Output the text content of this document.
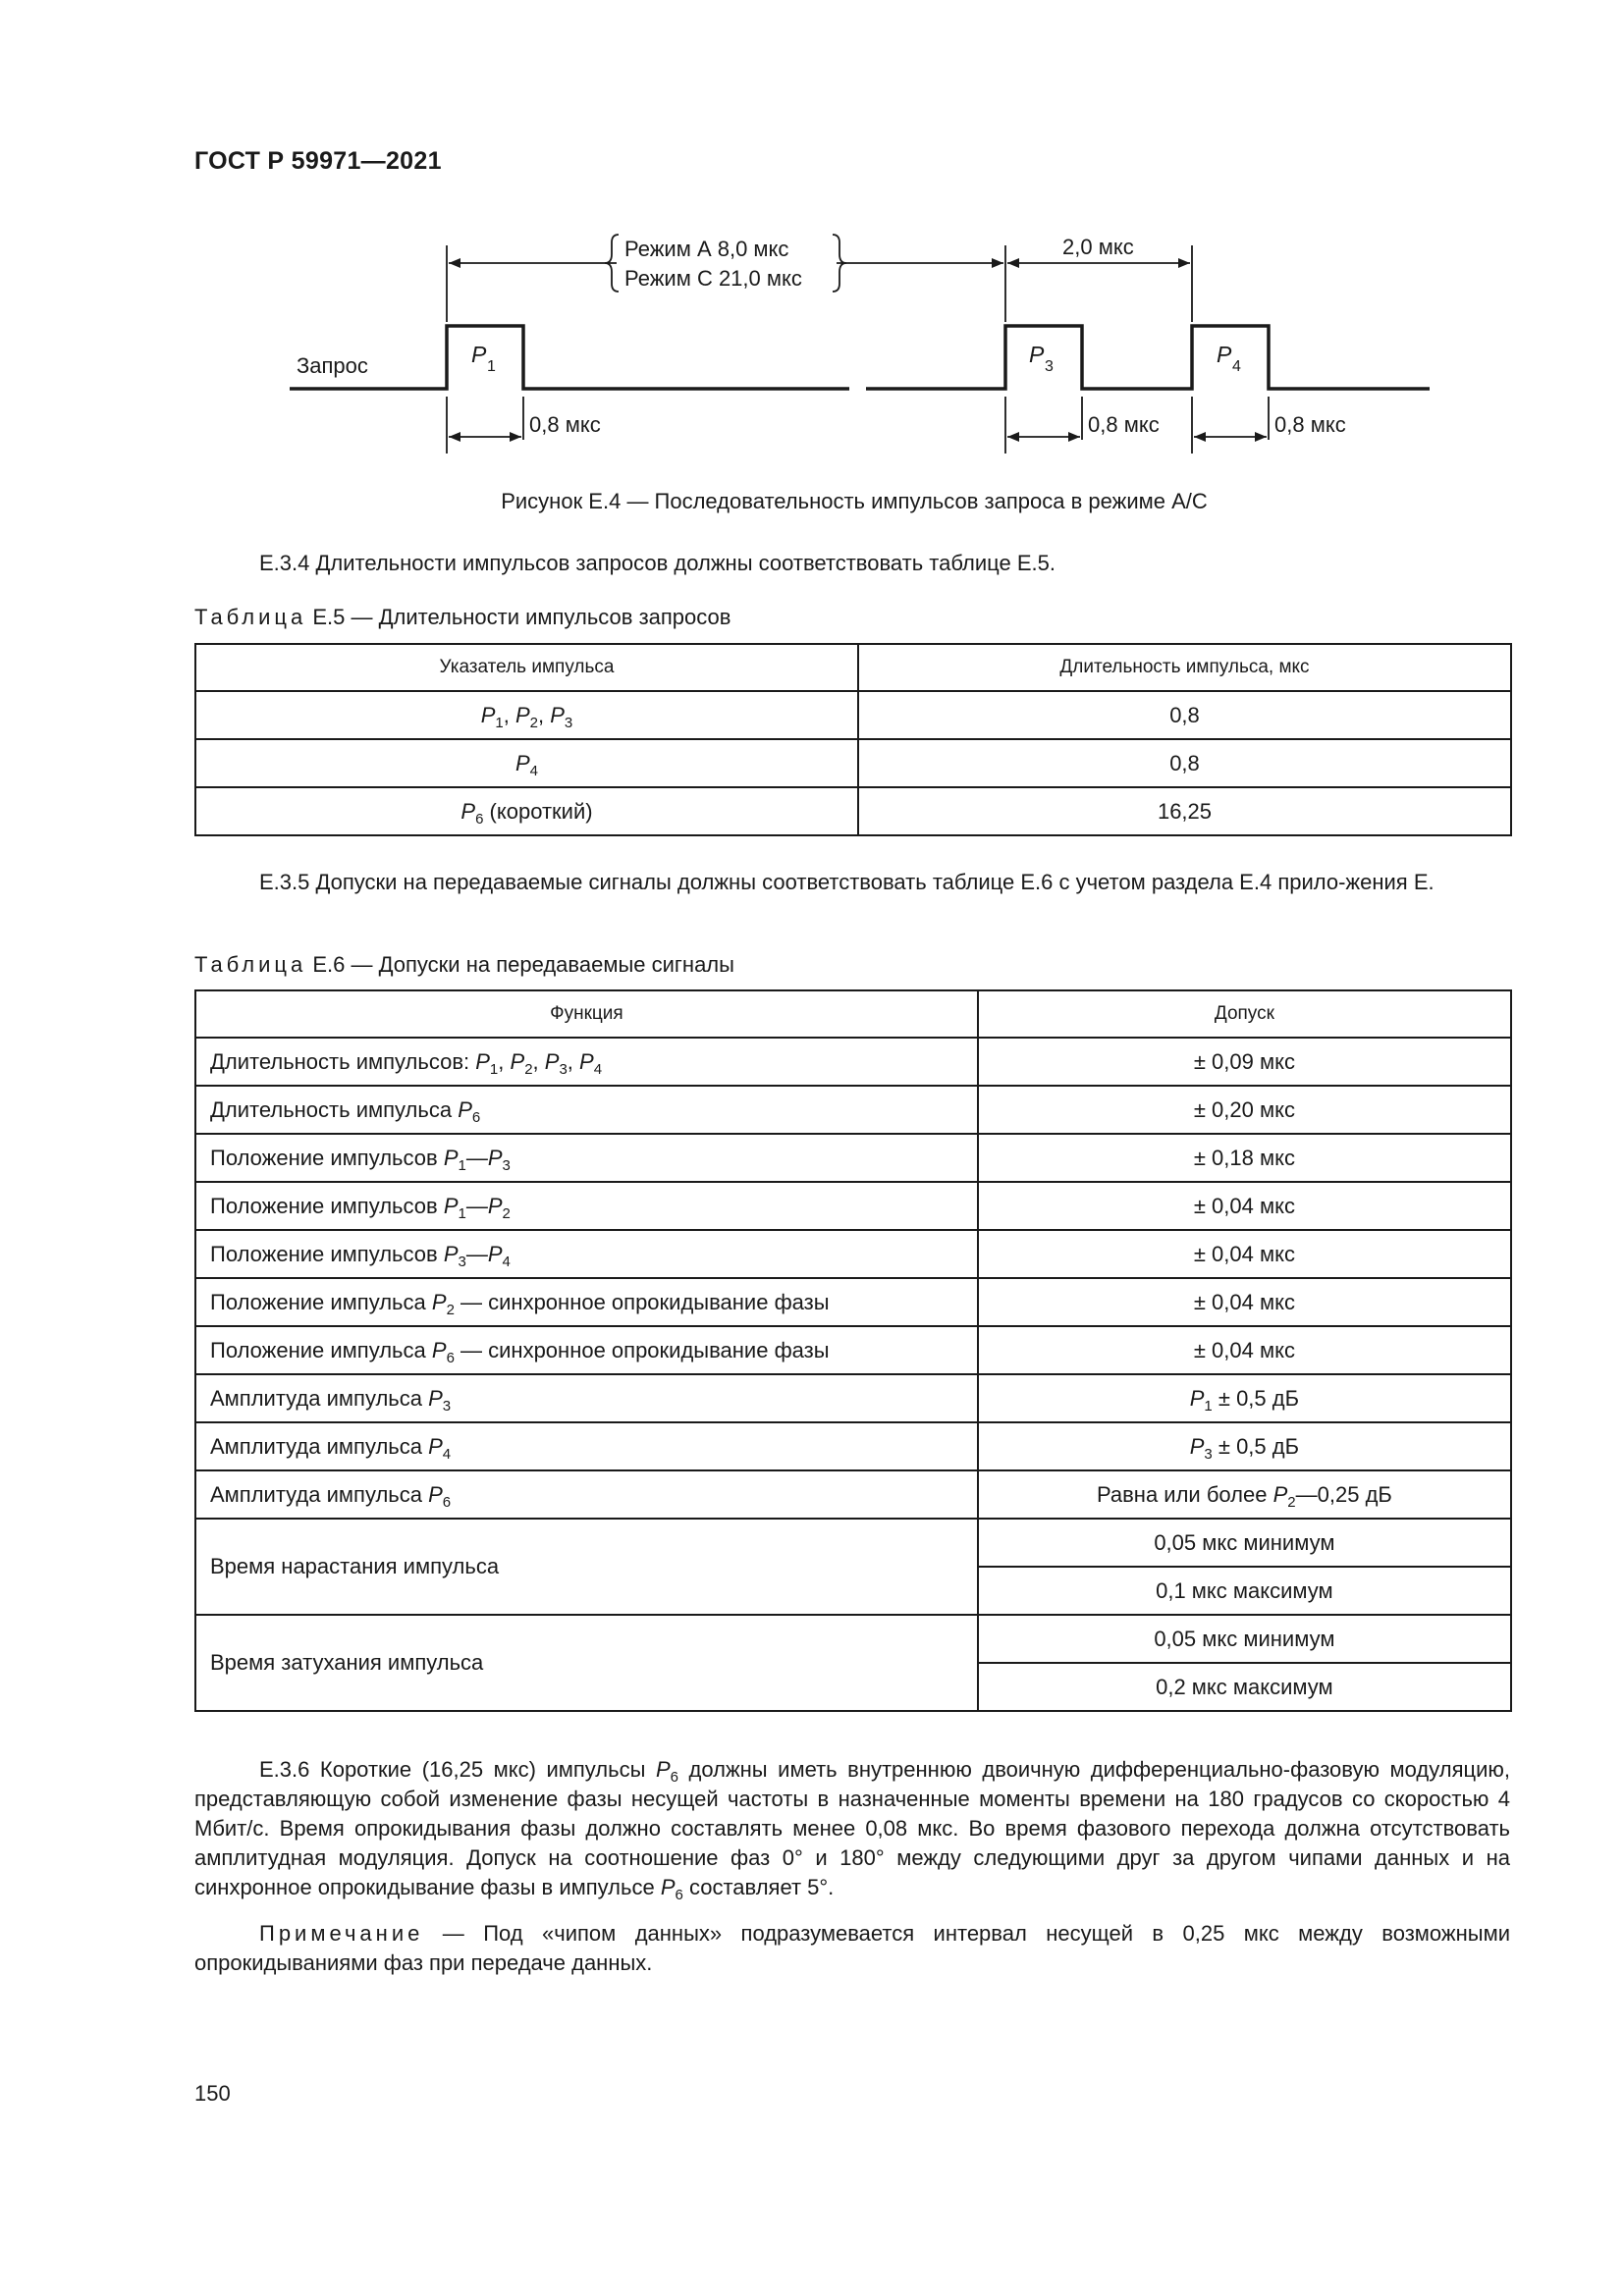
ГОСТ Р 59971—2021
Режим А 8,0 мкс
Режим С 21,0 мкс
2,0 мкс
Запрос	P 1	P 3	P 4
0,8 мкс	0,8 мкс	0,8 мкс
Рисунок Е.4 — Последовательность импульсов запроса в режиме А/С
Е.3.4 Длительности импульсов запросов должны соответствовать таблице Е.5.
Таблица Е.5 — Длительности импульсов запросов
Указатель импульса	Длительность импульса, мкс
$P_1$, $P_2$, $P_3$	0,8
$P_4$	0,8
$P_6$ (короткий)	16,25
Е.3.5 Допуски на передаваемые сигналы должны соответствовать таблице Е.6 с учетом раздела Е.4 прило-жения Е.
Таблица Е.6 — Допуски на передаваемые сигналы
Функция	Допуск
Длительность импульсов: $P_1$, $P_2$, $P_3$, $P_4$	± 0,09 мкс
Длительность импульса $P_6$	± 0,20 мкс
Положение импульсов $P_1—P_3$	± 0,18 мкс
Положение импульсов $P_1—P_2$	± 0,04 мкс
Положение импульсов $P_3—P_4$	± 0,04 мкс
Положение импульса $P_2$ — синхронное опрокидывание фазы	± 0,04 мкс
Положение импульса $P_6$ — синхронное опрокидывание фазы	± 0,04 мкс
Амплитуда импульса $P_3$	$P_1 \pm 0,5$ дБ
Амплитуда импульса $P_4$	$P_3 \pm 0,5$ дБ
Амплитуда импульса $P_6$	Равна или более $P_2—0,25$ дБ
Время нарастания импульса	0,05 мкс минимум
	0,1 мкс максимум
Время затухания импульса	0,05 мкс минимум
	0,2 мкс максимум
Е.3.6 Короткие (16,25 мкс) импульсы $P_6$ должны иметь внутреннюю двоичную дифференциально-фазовую модуляцию, представляющую собой изменение фазы несущей частоты в назначенные моменты времени на 180 градусов со скоростью 4 Мбит/с. Время опрокидывания фазы должно составлять менее 0,08 мкс. Во время фазового перехода должна отсутствовать амплитудная модуляция. Допуск на соотношение фаз 0° и 180° между следующими друг за другом чипами данных и на синхронное опрокидывание фазы в импульсе $P_6$ составляет 5°.
Примечание — Под «чипом данных» подразумевается интервал несущей в 0,25 мкс между возможными опрокидываниями фаз при передаче данных.
150
